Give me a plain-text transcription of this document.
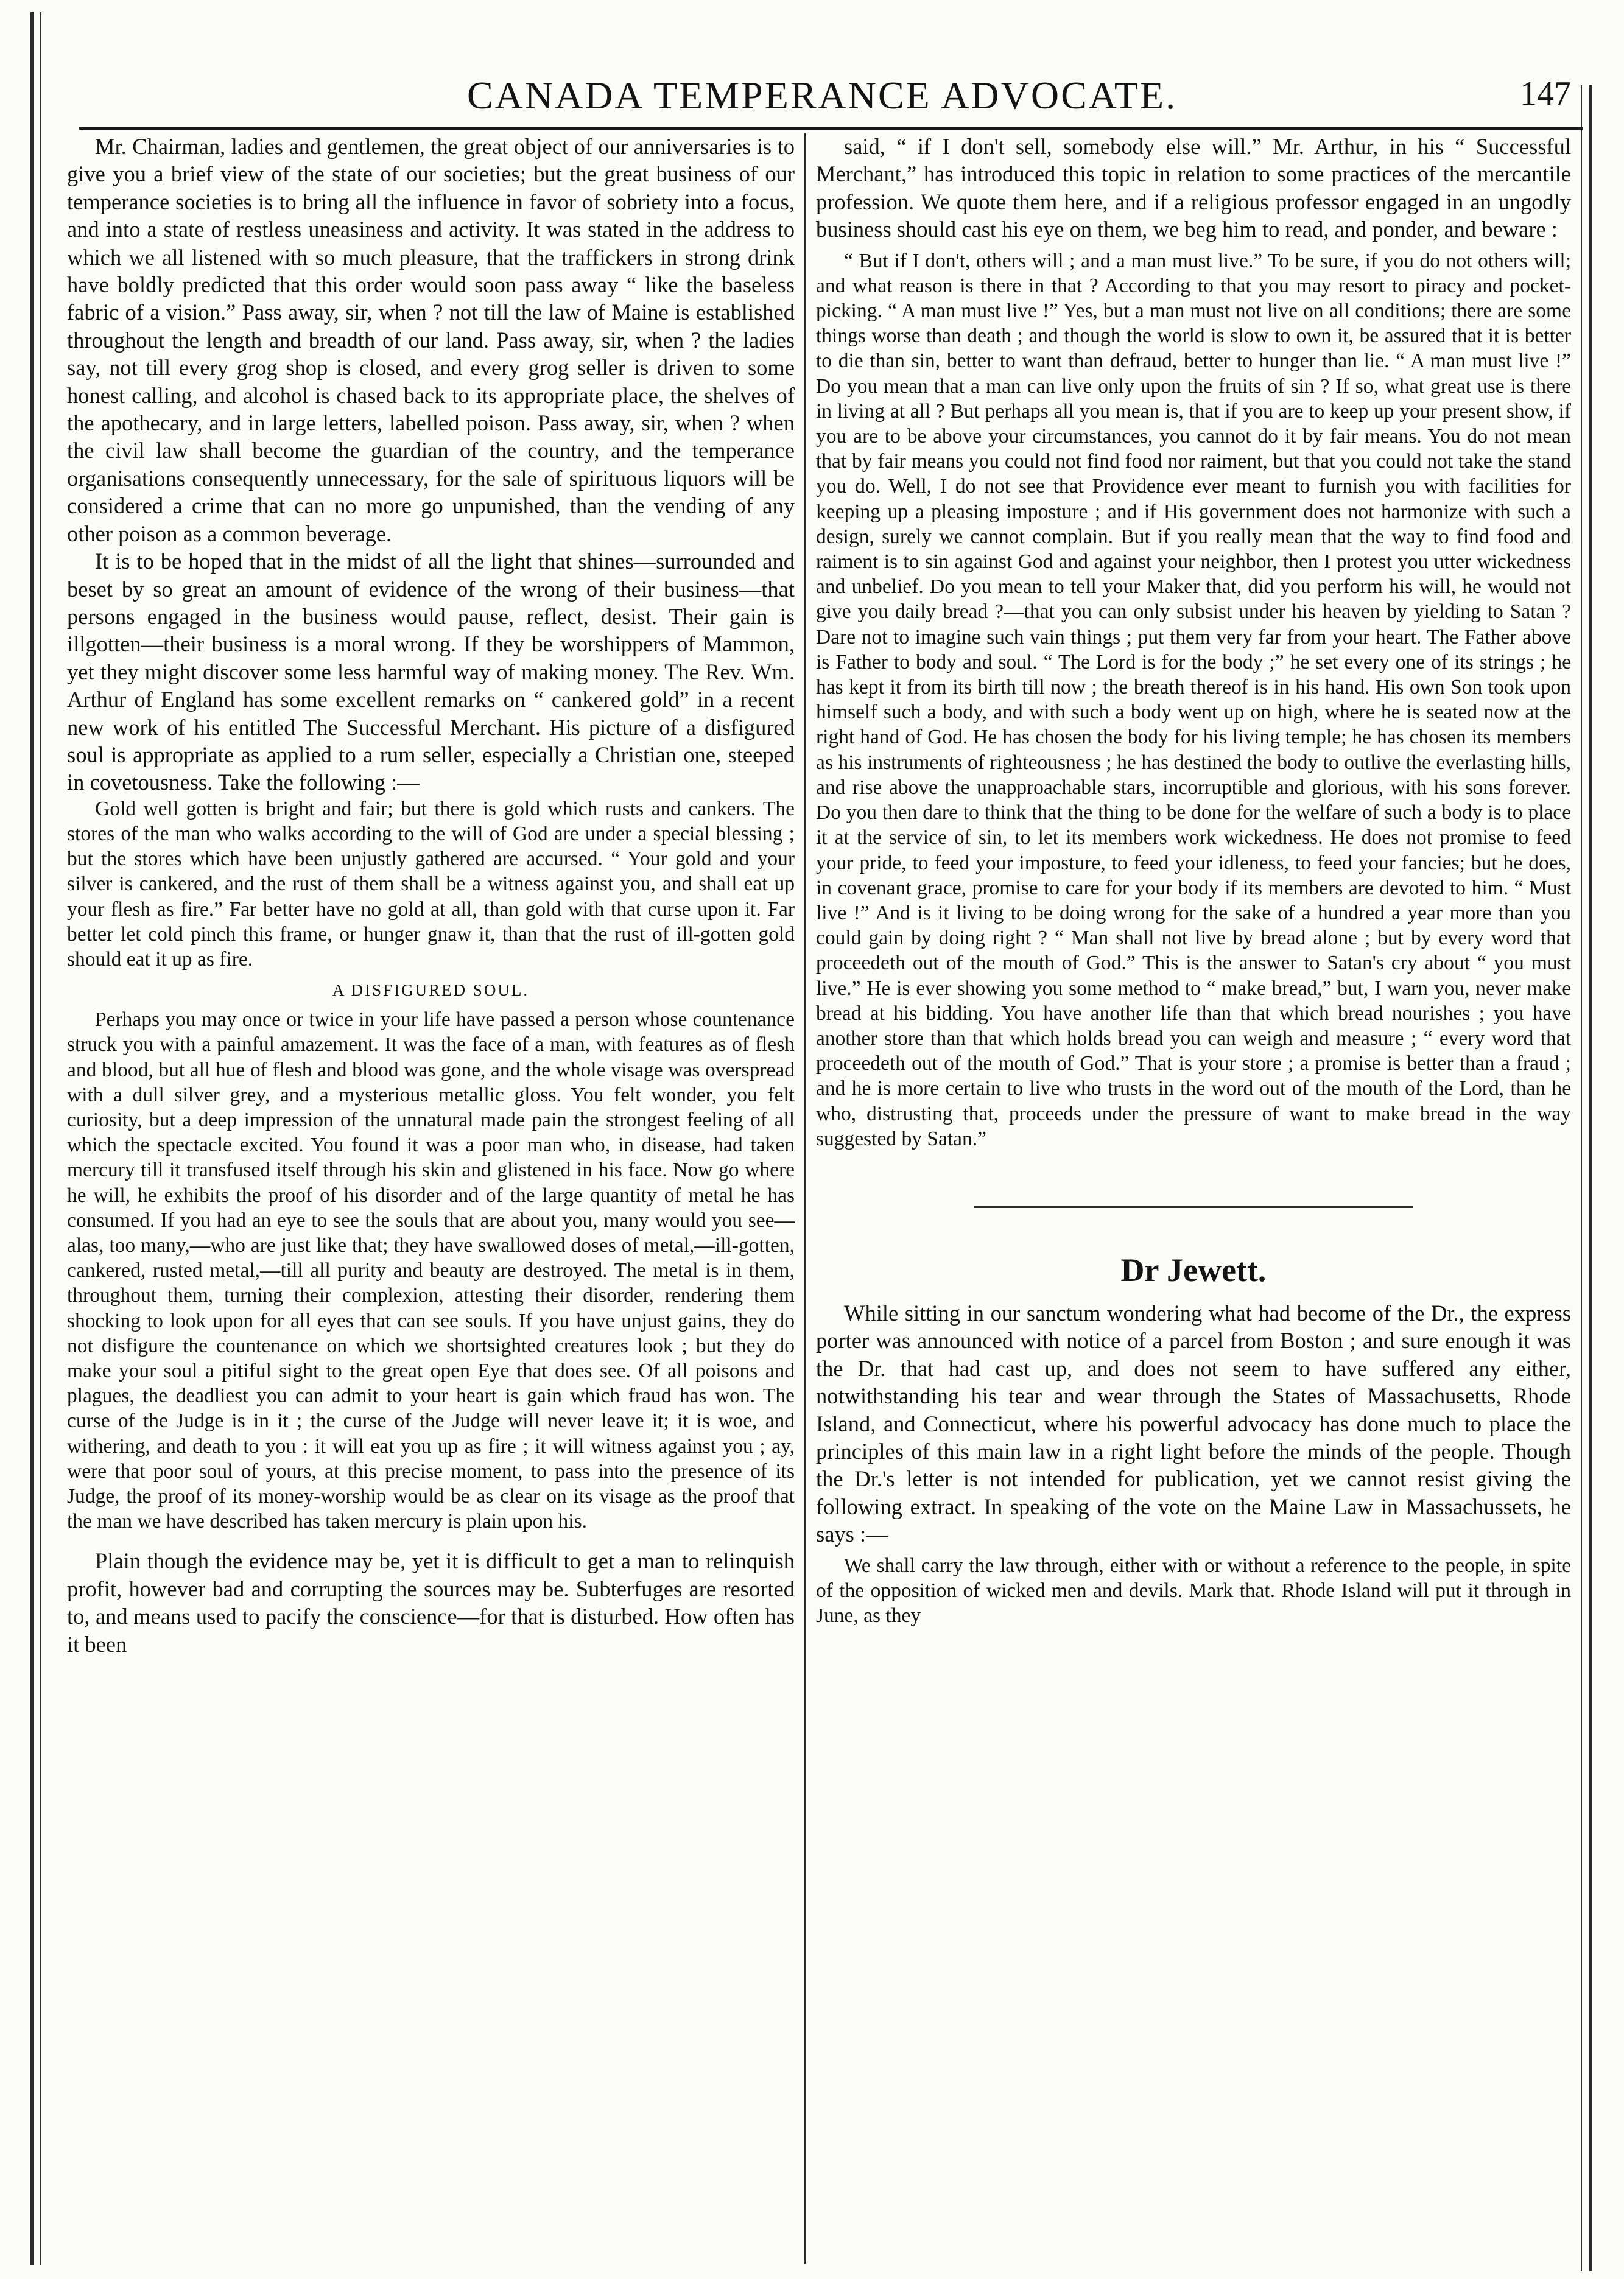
CANADA TEMPERANCE ADVOCATE.	147

Mr. Chairman, ladies and gentlemen, the great object of our anniversaries is to give you a brief view of the state of our societies; but the great business of our temperance societies is to bring all the influence in favor of sobriety into a focus, and into a state of restless uneasiness and activity. It was stated in the address to which we all listened with so much pleasure, that the traffickers in strong drink have boldly predicted that this order would soon pass away “ like the baseless fabric of a vision.” Pass away, sir, when ? not till the law of Maine is established throughout the length and breadth of our land. Pass away, sir, when ? the ladies say, not till every grog shop is closed, and every grog seller is driven to some honest calling, and alcohol is chased back to its appropriate place, the shelves of the apothecary, and in large letters, labelled poison. Pass away, sir, when ? when the civil law shall become the guardian of the country, and the temperance organisations consequently unnecessary, for the sale of spirituous liquors will be considered a crime that can no more go unpunished, than the vending of any other poison as a common beverage.

It is to be hoped that in the midst of all the light that shines—surrounded and beset by so great an amount of evidence of the wrong of their business—that persons engaged in the business would pause, reflect, desist. Their gain is illgotten—their business is a moral wrong. If they be worshippers of Mammon, yet they might discover some less harmful way of making money. The Rev. Wm. Arthur of England has some excellent remarks on “ cankered gold” in a recent new work of his entitled The Successful Merchant. His picture of a disfigured soul is appropriate as applied to a rum seller, especially a Christian one, steeped in covetousness. Take the following :—

Gold well gotten is bright and fair; but there is gold which rusts and cankers. The stores of the man who walks according to the will of God are under a special blessing ; but the stores which have been unjustly gathered are accursed. “ Your gold and your silver is cankered, and the rust of them shall be a witness against you, and shall eat up your flesh as fire.” Far better have no gold at all, than gold with that curse upon it. Far better let cold pinch this frame, or hunger gnaw it, than that the rust of ill-gotten gold should eat it up as fire.

A DISFIGURED SOUL.

Perhaps you may once or twice in your life have passed a person whose countenance struck you with a painful amazement. It was the face of a man, with features as of flesh and blood, but all hue of flesh and blood was gone, and the whole visage was overspread with a dull silver grey, and a mysterious metallic gloss. You felt wonder, you felt curiosity, but a deep impression of the unnatural made pain the strongest feeling of all which the spectacle excited. You found it was a poor man who, in disease, had taken mercury till it transfused itself through his skin and glistened in his face. Now go where he will, he exhibits the proof of his disorder and of the large quantity of metal he has consumed. If you had an eye to see the souls that are about you, many would you see—alas, too many,—who are just like that; they have swallowed doses of metal,—ill-gotten, cankered, rusted metal,—till all purity and beauty are destroyed. The metal is in them, throughout them, turning their complexion, attesting their disorder, rendering them shocking to look upon for all eyes that can see souls. If you have unjust gains, they do not disfigure the countenance on which we shortsighted creatures look ; but they do make your soul a pitiful sight to the great open Eye that does see. Of all poisons and plagues, the deadliest you can admit to your heart is gain which fraud has won. The curse of the Judge is in it ; the curse of the Judge will never leave it; it is woe, and withering, and death to you : it will eat you up as fire ; it will witness against you ; ay, were that poor soul of yours, at this precise moment, to pass into the presence of its Judge, the proof of its money-worship would be as clear on its visage as the proof that the man we have described has taken mercury is plain upon his.

Plain though the evidence may be, yet it is difficult to get a man to relinquish profit, however bad and corrupting the sources may be. Subterfuges are resorted to, and means used to pacify the conscience—for that is disturbed. How often has it been

said, “ if I don't sell, somebody else will.” Mr. Arthur, in his “ Successful Merchant,” has introduced this topic in relation to some practices of the mercantile profession. We quote them here, and if a religious professor engaged in an ungodly business should cast his eye on them, we beg him to read, and ponder, and beware :

“ But if I don't, others will ; and a man must live.” To be sure, if you do not others will; and what reason is there in that ? According to that you may resort to piracy and pocket-picking. “ A man must live !” Yes, but a man must not live on all conditions; there are some things worse than death ; and though the world is slow to own it, be assured that it is better to die than sin, better to want than defraud, better to hunger than lie. “ A man must live !” Do you mean that a man can live only upon the fruits of sin ? If so, what great use is there in living at all ? But perhaps all you mean is, that if you are to keep up your present show, if you are to be above your circumstances, you cannot do it by fair means. You do not mean that by fair means you could not find food nor raiment, but that you could not take the stand you do. Well, I do not see that Providence ever meant to furnish you with facilities for keeping up a pleasing imposture ; and if His government does not harmonize with such a design, surely we cannot complain. But if you really mean that the way to find food and raiment is to sin against God and against your neighbor, then I protest you utter wickedness and unbelief. Do you mean to tell your Maker that, did you perform his will, he would not give you daily bread ?—that you can only subsist under his heaven by yielding to Satan ? Dare not to imagine such vain things ; put them very far from your heart. The Father above is Father to body and soul. “ The Lord is for the body ;” he set every one of its strings ; he has kept it from its birth till now ; the breath thereof is in his hand. His own Son took upon himself such a body, and with such a body went up on high, where he is seated now at the right hand of God. He has chosen the body for his living temple; he has chosen its members as his instruments of righteousness ; he has destined the body to outlive the everlasting hills, and rise above the unapproachable stars, incorruptible and glorious, with his sons forever. Do you then dare to think that the thing to be done for the welfare of such a body is to place it at the service of sin, to let its members work wickedness. He does not promise to feed your pride, to feed your imposture, to feed your idleness, to feed your fancies; but he does, in covenant grace, promise to care for your body if its members are devoted to him. “ Must live !” And is it living to be doing wrong for the sake of a hundred a year more than you could gain by doing right ? “ Man shall not live by bread alone ; but by every word that proceedeth out of the mouth of God.” This is the answer to Satan's cry about “ you must live.” He is ever showing you some method to “ make bread,” but, I warn you, never make bread at his bidding. You have another life than that which bread nourishes ; you have another store than that which holds bread you can weigh and measure ; “ every word that proceedeth out of the mouth of God.” That is your store ; a promise is better than a fraud ; and he is more certain to live who trusts in the word out of the mouth of the Lord, than he who, distrusting that, proceeds under the pressure of want to make bread in the way suggested by Satan.”

Dr Jewett.

While sitting in our sanctum wondering what had become of the Dr., the express porter was announced with notice of a parcel from Boston ; and sure enough it was the Dr. that had cast up, and does not seem to have suffered any either, notwithstanding his tear and wear through the States of Massachusetts, Rhode Island, and Connecticut, where his powerful advocacy has done much to place the principles of this main law in a right light before the minds of the people. Though the Dr.'s letter is not intended for publication, yet we cannot resist giving the following extract. In speaking of the vote on the Maine Law in Massachussets, he says :—

We shall carry the law through, either with or without a reference to the people, in spite of the opposition of wicked men and devils. Mark that. Rhode Island will put it through in June, as they
